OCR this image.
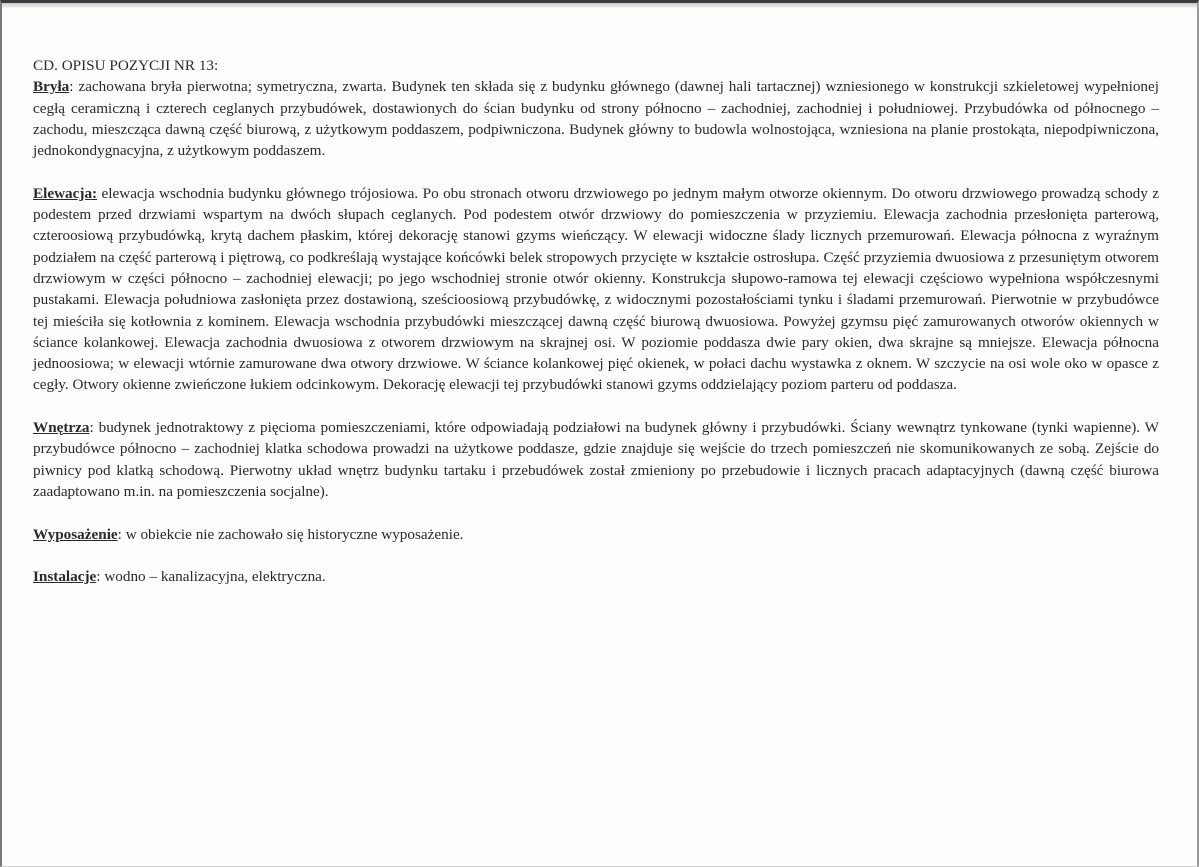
CD. OPISU POZYCJI NR 13:

Bryła: zachowana bryła pierwotna; symetryczna, zwarta. Budynek ten składa się z budynku głównego (dawnej hali tartacznej) wzniesionego w konstrukcji szkieletowej wypełnionej cegłą ceramiczną i czterech ceglanych przybudówek, dostawionych do ścian budynku od strony północno – zachodniej, zachodniej i południowej. Przybudówka od północnego – zachodu, mieszcząca dawną część biurową, z użytkowym poddaszem, podpiwniczona. Budynek główny to budowla wolnostojąca, wzniesiona na planie prostokąta, niepodpiwniczona, jednokondygnacyjna, z użytkowym poddaszem.

Elewacja: elewacja wschodnia budynku głównego trójosiowa. Po obu stronach otworu drzwiowego po jednym małym otworze okiennym. Do otworu drzwiowego prowadzą schody z podestem przed drzwiami wspartym na dwóch słupach ceglanych. Pod podestem otwór drzwiowy do pomieszczenia w przyziemiu. Elewacja zachodnia przesłonięta parterową, czteroosiową przybudówką, krytą dachem płaskim, której dekorację stanowi gzyms wieńczący. W elewacji widoczne ślady licznych przemurowań. Elewacja północna z wyraźnym podziałem na część parterową i piętrową, co podkreślają wystające końcówki belek stropowych przycięte w kształcie ostrosłupa. Część przyziemia dwuosiowa z przesuniętym otworem drzwiowym w części północno – zachodniej elewacji; po jego wschodniej stronie otwór okienny. Konstrukcja słupowo-ramowa tej elewacji częściowo wypełniona współczesnymi pustakami. Elewacja południowa zasłonięta przez dostawioną, sześcioosiową przybudówkę, z widocznymi pozostałościami tynku i śladami przemurowań. Pierwotnie w przybudówce tej mieściła się kotłownia z kominem. Elewacja wschodnia przybudówki mieszczącej dawną część biurową dwuosiowa. Powyżej gzymsu pięć zamurowanych otworów okiennych w ściance kolankowej. Elewacja zachodnia dwuosiowa z otworem drzwiowym na skrajnej osi. W poziomie poddasza dwie pary okien, dwa skrajne są mniejsze. Elewacja północna jednoosiowa; w elewacji wtórnie zamurowane dwa otwory drzwiowe. W ściance kolankowej pięć okienek, w połaci dachu wystawka z oknem. W szczycie na osi wole oko w opasce z cegły. Otwory okienne zwieńczone łukiem odcinkowym. Dekorację elewacji tej przybudówki stanowi gzyms oddzielający poziom parteru od poddasza.

Wnętrza: budynek jednotraktowy z pięcioma pomieszczeniami, które odpowiadają podziałowi na budynek główny i przybudówki. Ściany wewnątrz tynkowane (tynki wapienne). W przybudówce północno – zachodniej klatka schodowa prowadzi na użytkowe poddasze, gdzie znajduje się wejście do trzech pomieszczeń nie skomunikowanych ze sobą. Zejście do piwnicy pod klatką schodową. Pierwotny układ wnętrz budynku tartaku i przebudówek został zmieniony po przebudowie i licznych pracach adaptacyjnych (dawną część biurowa zaadaptowano m.in. na pomieszczenia socjalne).

Wyposażenie: w obiekcie nie zachowało się historyczne wyposażenie.

Instalacje: wodno – kanalizacyjna, elektryczna.
